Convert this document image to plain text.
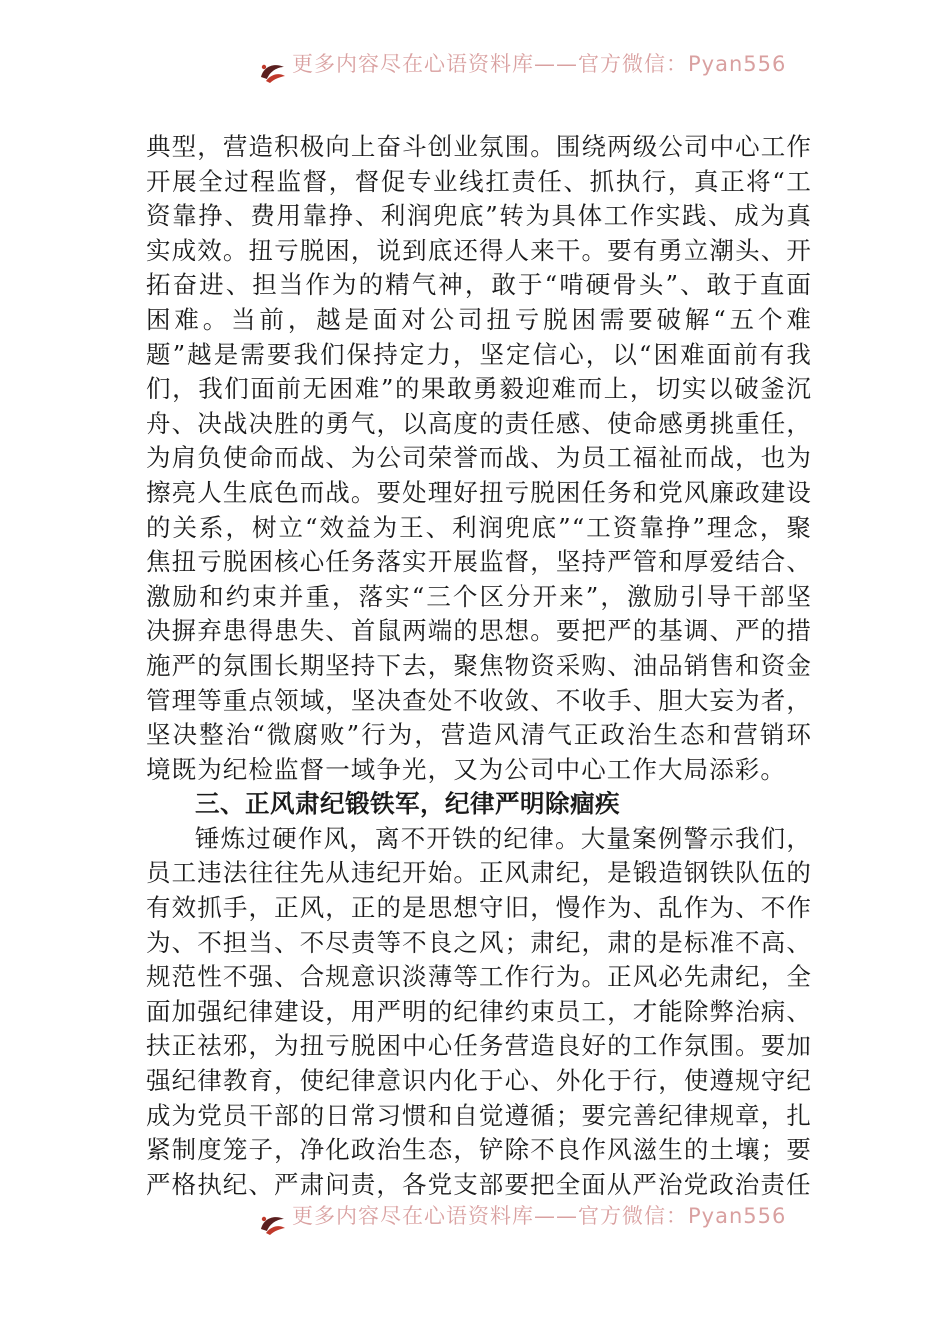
更多内容尽在心语资料库——官方微信：Pyan556

典型，营造积极向上奋斗创业氛围。围绕两级公司中心工作开展全过程监督，督促专业线扛责任、抓执行，真正将“工资靠挣、费用靠挣、利润兜底”转为具体工作实践、成为真实成效。扭亏脱困，说到底还得人来干。要有勇立潮头、开拓奋进、担当作为的精气神，敢于“啃硬骨头”、敢于直面困难。当前，越是面对公司扭亏脱困需要破解“五个难题”越是需要我们保持定力，坚定信心，以“困难面前有我们，我们面前无困难”的果敢勇毅迎难而上，切实以破釜沉舟、决战决胜的勇气，以高度的责任感、使命感勇挑重任，为肩负使命而战、为公司荣誉而战、为员工福祉而战，也为擦亮人生底色而战。要处理好扭亏脱困任务和党风廉政建设的关系，树立“效益为王、利润兜底”“工资靠挣”理念，聚焦扭亏脱困核心任务落实开展监督，坚持严管和厚爱结合、激励和约束并重，落实“三个区分开来”，激励引导干部坚决摒弃患得患失、首鼠两端的思想。要把严的基调、严的措施严的氛围长期坚持下去，聚焦物资采购、油品销售和资金管理等重点领域，坚决查处不收敛、不收手、胆大妄为者，坚决整治“微腐败”行为，营造风清气正政治生态和营销环境既为纪检监督一域争光，又为公司中心工作大局添彩。

三、正风肃纪锻铁军，纪律严明除痼疾

锤炼过硬作风，离不开铁的纪律。大量案例警示我们，员工违法往往先从违纪开始。正风肃纪，是锻造钢铁队伍的有效抓手，正风，正的是思想守旧，慢作为、乱作为、不作为、不担当、不尽责等不良之风；肃纪，肃的是标准不高、规范性不强、合规意识淡薄等工作行为。正风必先肃纪，全面加强纪律建设，用严明的纪律约束员工，才能除弊治病、扶正祛邪，为扭亏脱困中心任务营造良好的工作氛围。要加强纪律教育，使纪律意识内化于心、外化于行，使遵规守纪成为党员干部的日常习惯和自觉遵循；要完善纪律规章，扎紧制度笼子，净化政治生态，铲除不良作风滋生的土壤；要严格执纪、严肃问责，各党支部要把全面从严治党政治责任

更多内容尽在心语资料库——官方微信：Pyan556
